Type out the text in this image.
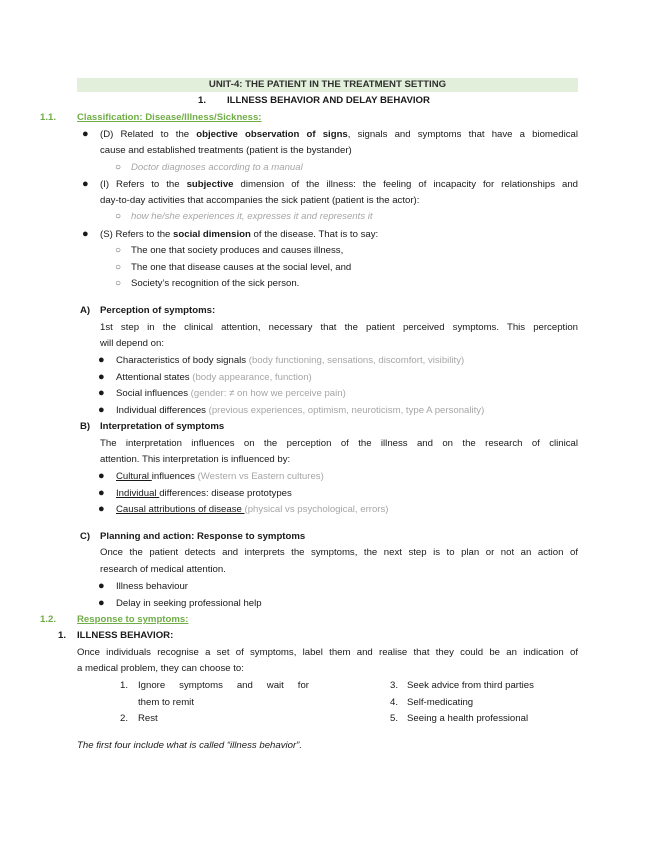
UNIT-4: THE PATIENT IN THE TREATMENT SETTING
1. ILLNESS BEHAVIOR AND DELAY BEHAVIOR
1.1. Classification: Disease/Illness/Sickness:
● (D) Related to the objective observation of signs, signals and symptoms that have a biomedical
cause and established treatments (patient is the bystander)
○ Doctor diagnoses according to a manual
● (I) Refers to the subjective dimension of the illness: the feeling of incapacity for relationships and
day-to-day activities that accompanies the sick patient (patient is the actor):
○ how he/she experiences it, expresses it and represents it
● (S) Refers to the social dimension of the disease. That is to say:
○ The one that society produces and causes illness,
○ The one that disease causes at the social level, and
○ Society’s recognition of the sick person.
A) Perception of symptoms:
1st step in the clinical attention, necessary that the patient perceived symptoms. This perception
will depend on:
● Characteristics of body signals (body functioning, sensations, discomfort, visibility)
● Attentional states (body appearance, function)
● Social influences (gender: ≠ on how we perceive pain)
● Individual differences (previous experiences, optimism, neuroticism, type A personality)
B) Interpretation of symptoms
The interpretation influences on the perception of the illness and on the research of clinical
attention. This interpretation is influenced by:
● Cultural influences (Western vs Eastern cultures)
● Individual differences: disease prototypes
● Causal attributions of disease (physical vs psychological, errors)
C) Planning and action: Response to symptoms
Once the patient detects and interprets the symptoms, the next step is to plan or not an action of
research of medical attention.
● Illness behaviour
● Delay in seeking professional help
1.2. Response to symptoms:
1. ILLNESS BEHAVIOR:
Once individuals recognise a set of symptoms, label them and realise that they could be an indication of
a medical problem, they can choose to:
1. Ignore symptoms and wait for
them to remit
2. Rest
3. Seek advice from third parties
4. Self-medicating
5. Seeing a health professional
The first four include what is called “illness behavior”.
